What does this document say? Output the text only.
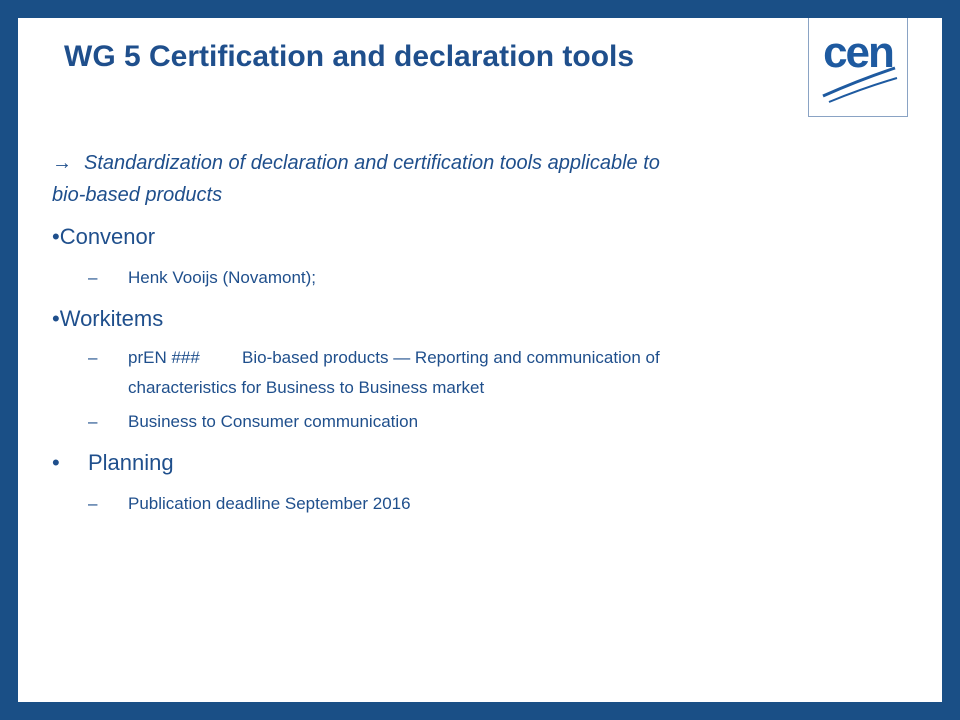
WG 5 Certification and declaration tools	cen
→ Standardization of declaration and certification tools applicable to
bio-based products
•Convenor
– Henk Vooijs (Novamont);
•Workitems
– prEN ### Bio-based products — Reporting and communication of
characteristics for Business to Business market
– Business to Consumer communication
• Planning
– Publication deadline September 2016
